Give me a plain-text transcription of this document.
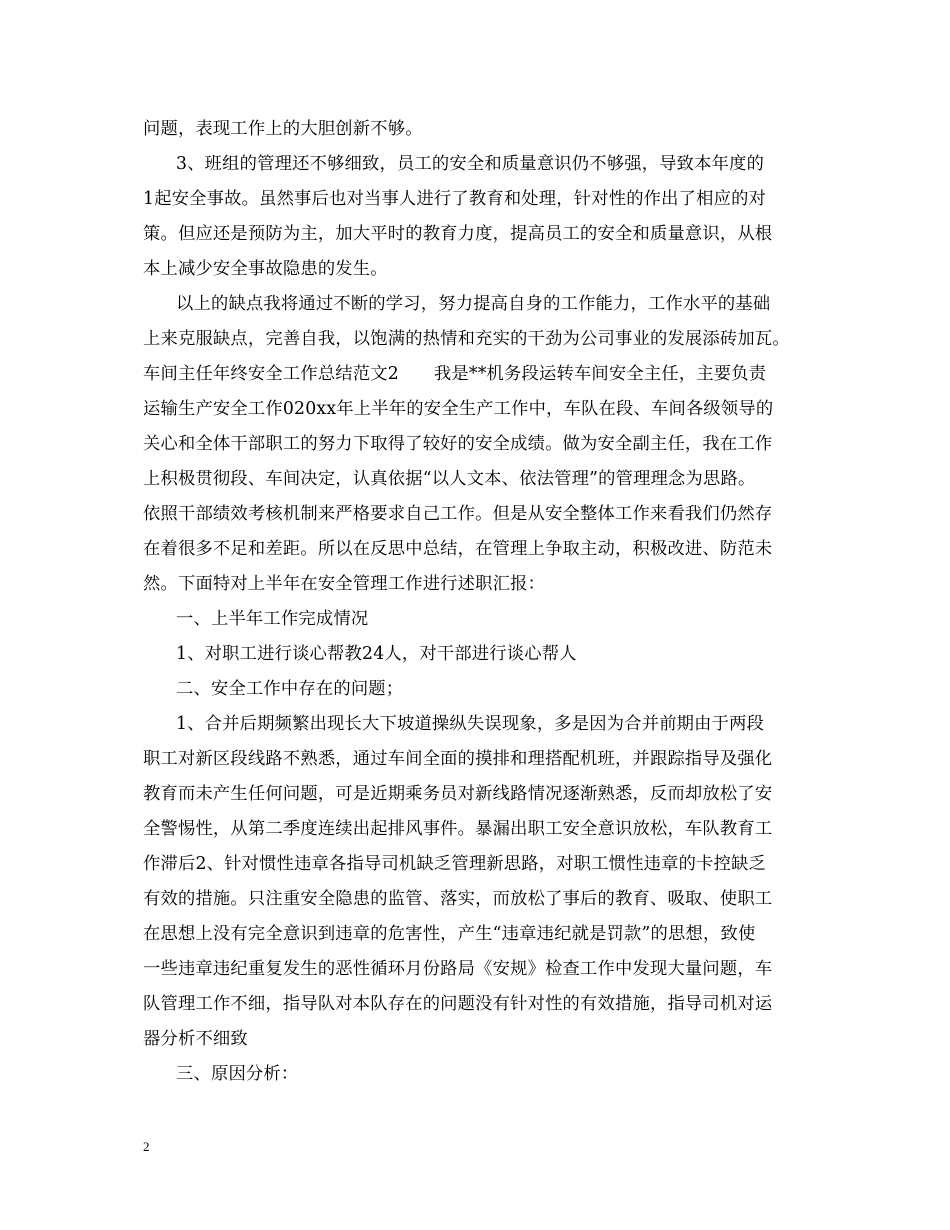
问题，表现工作上的大胆创新不够。
3、班组的管理还不够细致，员工的安全和质量意识仍不够强，导致本年度的
1起安全事故。虽然事后也对当事人进行了教育和处理，针对性的作出了相应的对
策。但应还是预防为主，加大平时的教育力度，提高员工的安全和质量意识，从根
本上减少安全事故隐患的发生。
以上的缺点我将通过不断的学习，努力提高自身的工作能力，工作水平的基础
上来克服缺点，完善自我，以饱满的热情和充实的干劲为公司事业的发展添砖加瓦。
车间主任年终安全工作总结范文2　　我是**机务段运转车间安全主任，主要负责
运输生产安全工作020xx年上半年的安全生产工作中，车队在段、车间各级领导的
关心和全体干部职工的努力下取得了较好的安全成绩。做为安全副主任，我在工作
上积极贯彻段、车间决定，认真依据“以人文本、依法管理”的管理理念为思路。
依照干部绩效考核机制来严格要求自己工作。但是从安全整体工作来看我们仍然存
在着很多不足和差距。所以在反思中总结，在管理上争取主动，积极改进、防范未
然。下面特对上半年在安全管理工作进行述职汇报：
一、上半年工作完成情况
1、对职工进行谈心帮教24人，对干部进行谈心帮人
二、安全工作中存在的问题；
1、合并后期频繁出现长大下坡道操纵失误现象，多是因为合并前期由于两段
职工对新区段线路不熟悉，通过车间全面的摸排和理搭配机班，并跟踪指导及强化
教育而未产生任何问题，可是近期乘务员对新线路情况逐渐熟悉，反而却放松了安
全警惕性，从第二季度连续出起排风事件。暴漏出职工安全意识放松，车队教育工
作滞后2、针对惯性违章各指导司机缺乏管理新思路，对职工惯性违章的卡控缺乏
有效的措施。只注重安全隐患的监管、落实，而放松了事后的教育、吸取、使职工
在思想上没有完全意识到违章的危害性，产生“违章违纪就是罚款”的思想，致使
一些违章违纪重复发生的恶性循环月份路局《安规》检查工作中发现大量问题，车
队管理工作不细，指导队对本队存在的问题没有针对性的有效措施，指导司机对运
器分析不细致
三、原因分析：
2
